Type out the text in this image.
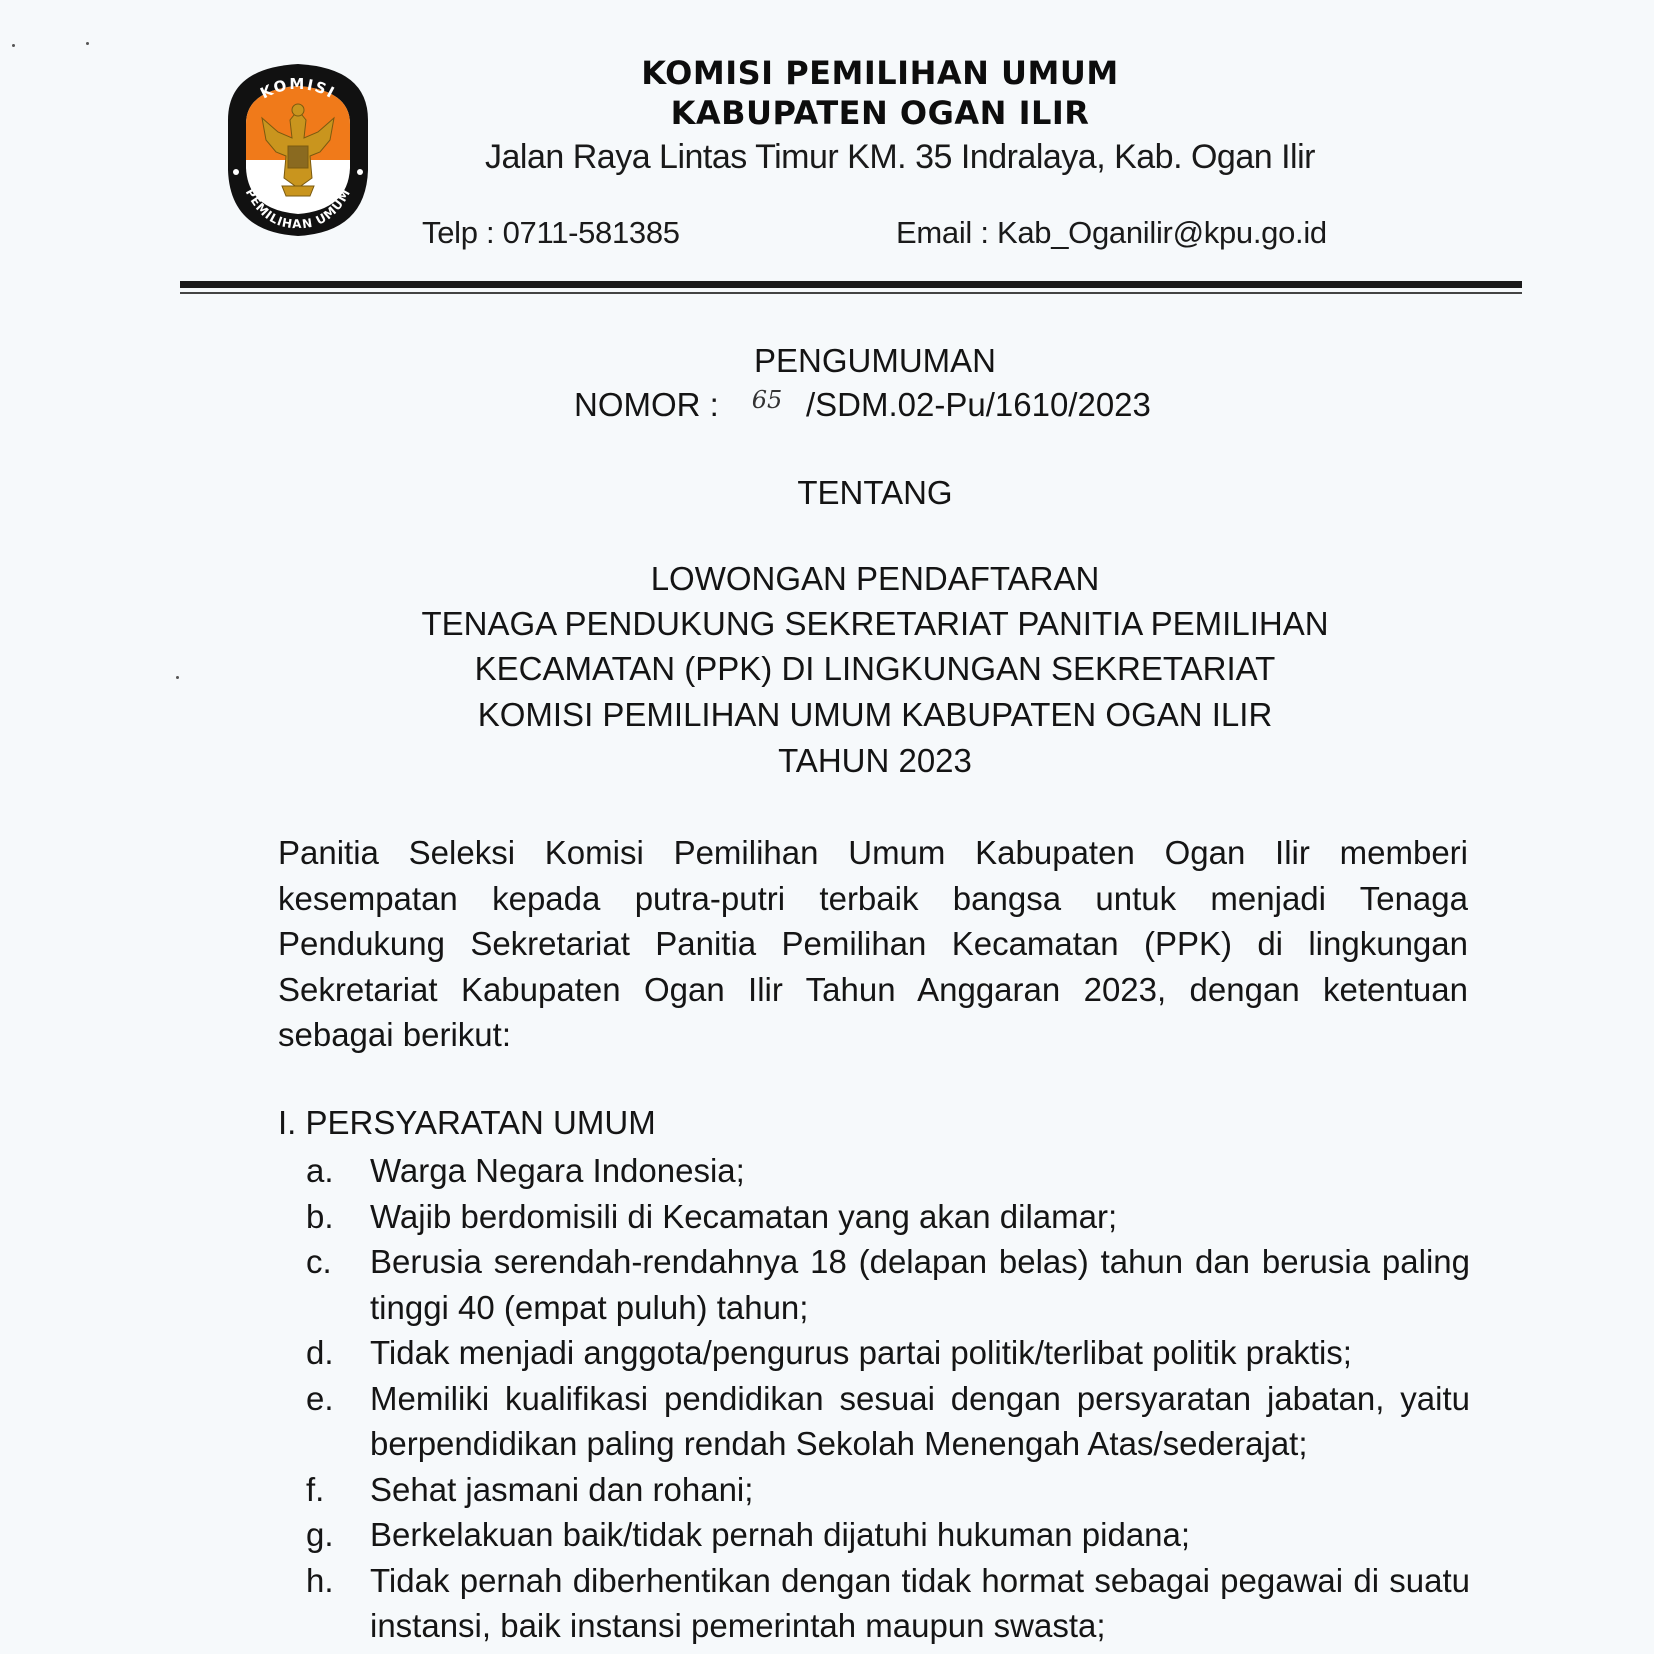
KOMISI
PEMILIHAN UMUM
KOMISI PEMILIHAN UMUM
KABUPATEN OGAN ILIR
Jalan Raya Lintas Timur KM. 35 Indralaya, Kab. Ogan Ilir
Telp : 0711-581385	Email : Kab_Oganilir@kpu.go.id
PENGUMUMAN
NOMOR : 65 /SDM.02-Pu/1610/2023
TENTANG
LOWONGAN PENDAFTARAN
TENAGA PENDUKUNG SEKRETARIAT PANITIA PEMILIHAN
KECAMATAN (PPK) DI LINGKUNGAN SEKRETARIAT
KOMISI PEMILIHAN UMUM KABUPATEN OGAN ILIR
TAHUN 2023
Panitia Seleksi Komisi Pemilihan Umum Kabupaten Ogan Ilir memberi kesempatan kepada putra-putri terbaik bangsa untuk menjadi Tenaga Pendukung Sekretariat Panitia Pemilihan Kecamatan (PPK) di lingkungan Sekretariat Kabupaten Ogan Ilir Tahun Anggaran 2023, dengan ketentuan sebagai berikut:
I. PERSYARATAN UMUM
a.	Warga Negara Indonesia;
b.	Wajib berdomisili di Kecamatan yang akan dilamar;
c.	Berusia serendah-rendahnya 18 (delapan belas) tahun dan berusia paling tinggi 40 (empat puluh) tahun;
d.	Tidak menjadi anggota/pengurus partai politik/terlibat politik praktis;
e.	Memiliki kualifikasi pendidikan sesuai dengan persyaratan jabatan, yaitu berpendidikan paling rendah Sekolah Menengah Atas/sederajat;
f.	Sehat jasmani dan rohani;
g.	Berkelakuan baik/tidak pernah dijatuhi hukuman pidana;
h.	Tidak pernah diberhentikan dengan tidak hormat sebagai pegawai di suatu instansi, baik instansi pemerintah maupun swasta;
